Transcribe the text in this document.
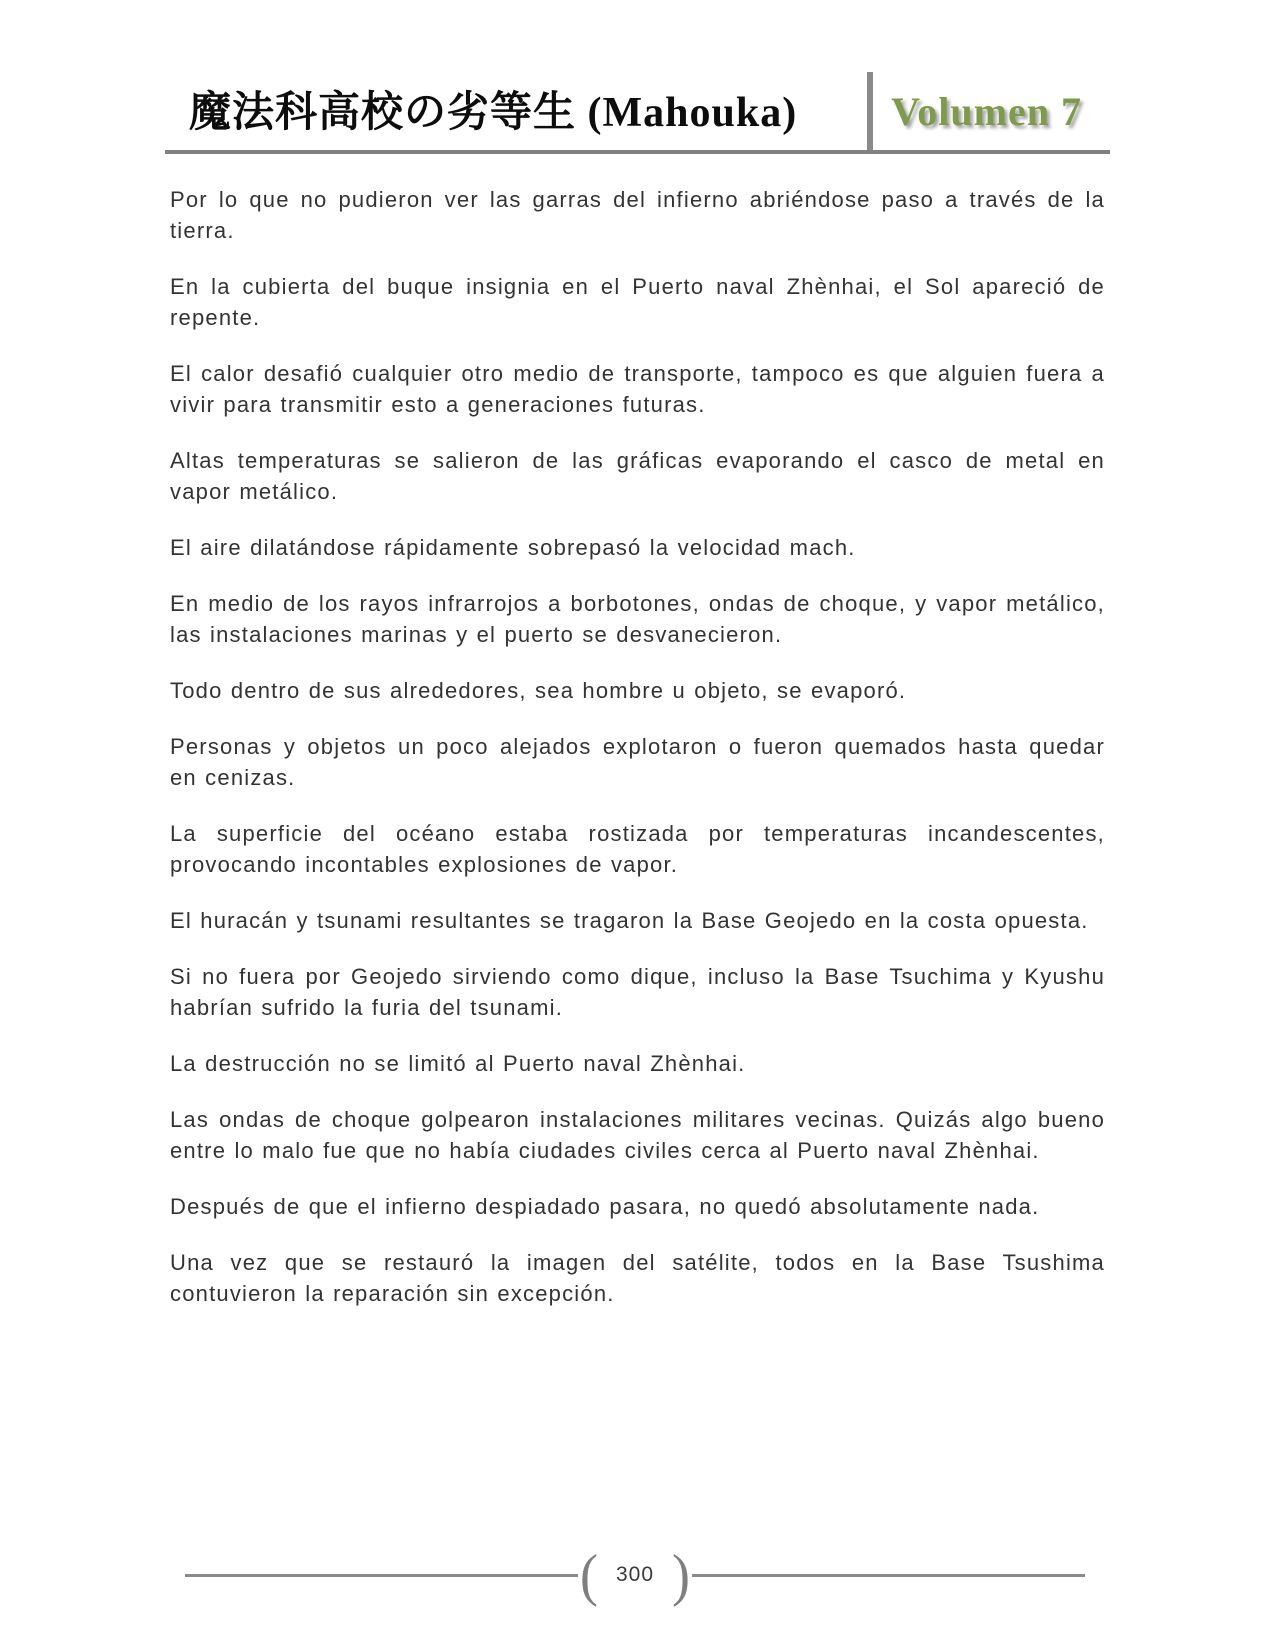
魔法科高校の劣等生 (Mahouka)	Volumen 7

Por lo que no pudieron ver las garras del infierno abriéndose paso a través de la tierra.

En la cubierta del buque insignia en el Puerto naval Zhènhai, el Sol apareció de repente.

El calor desafió cualquier otro medio de transporte, tampoco es que alguien fuera a vivir para transmitir esto a generaciones futuras.

Altas temperaturas se salieron de las gráficas evaporando el casco de metal en vapor metálico.

El aire dilatándose rápidamente sobrepasó la velocidad mach.

En medio de los rayos infrarrojos a borbotones, ondas de choque, y vapor metálico, las instalaciones marinas y el puerto se desvanecieron.

Todo dentro de sus alrededores, sea hombre u objeto, se evaporó.

Personas y objetos un poco alejados explotaron o fueron quemados hasta quedar en cenizas.

La superficie del océano estaba rostizada por temperaturas incandescentes, provocando incontables explosiones de vapor.

El huracán y tsunami resultantes se tragaron la Base Geojedo en la costa opuesta.

Si no fuera por Geojedo sirviendo como dique, incluso la Base Tsuchima y Kyushu habrían sufrido la furia del tsunami.

La destrucción no se limitó al Puerto naval Zhènhai.

Las ondas de choque golpearon instalaciones militares vecinas. Quizás algo bueno entre lo malo fue que no había ciudades civiles cerca al Puerto naval Zhènhai.

Después de que el infierno despiadado pasara, no quedó absolutamente nada.

Una vez que se restauró la imagen del satélite, todos en la Base Tsushima contuvieron la reparación sin excepción.

( 300 )
